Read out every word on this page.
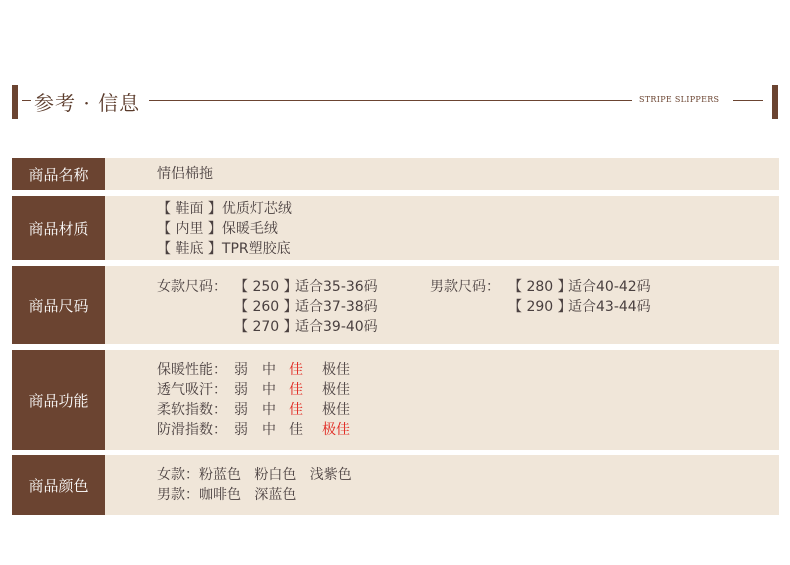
参考 · 信息	STRIPE SLIPPERS
商品名称	情侣棉拖
商品材质
【 鞋面 】优质灯芯绒
【 内里 】保暖毛绒
【 鞋底 】TPR塑胶底
商品尺码
女款尺码： 【 250 】
适合35-36码
【 260 】
适合37-38码
【 270 】
适合39-40码
男款尺码： 【 280 】
适合40-42码
【 290 】
适合43-44码
商品功能
保暖性能： 弱 中 佳 极佳
透气吸汗： 弱 中 佳 极佳
柔软指数： 弱 中 佳 极佳
防滑指数： 弱 中 佳 极佳
商品颜色
女款：粉蓝色   粉白色   浅紫色
男款：咖啡色   深蓝色
